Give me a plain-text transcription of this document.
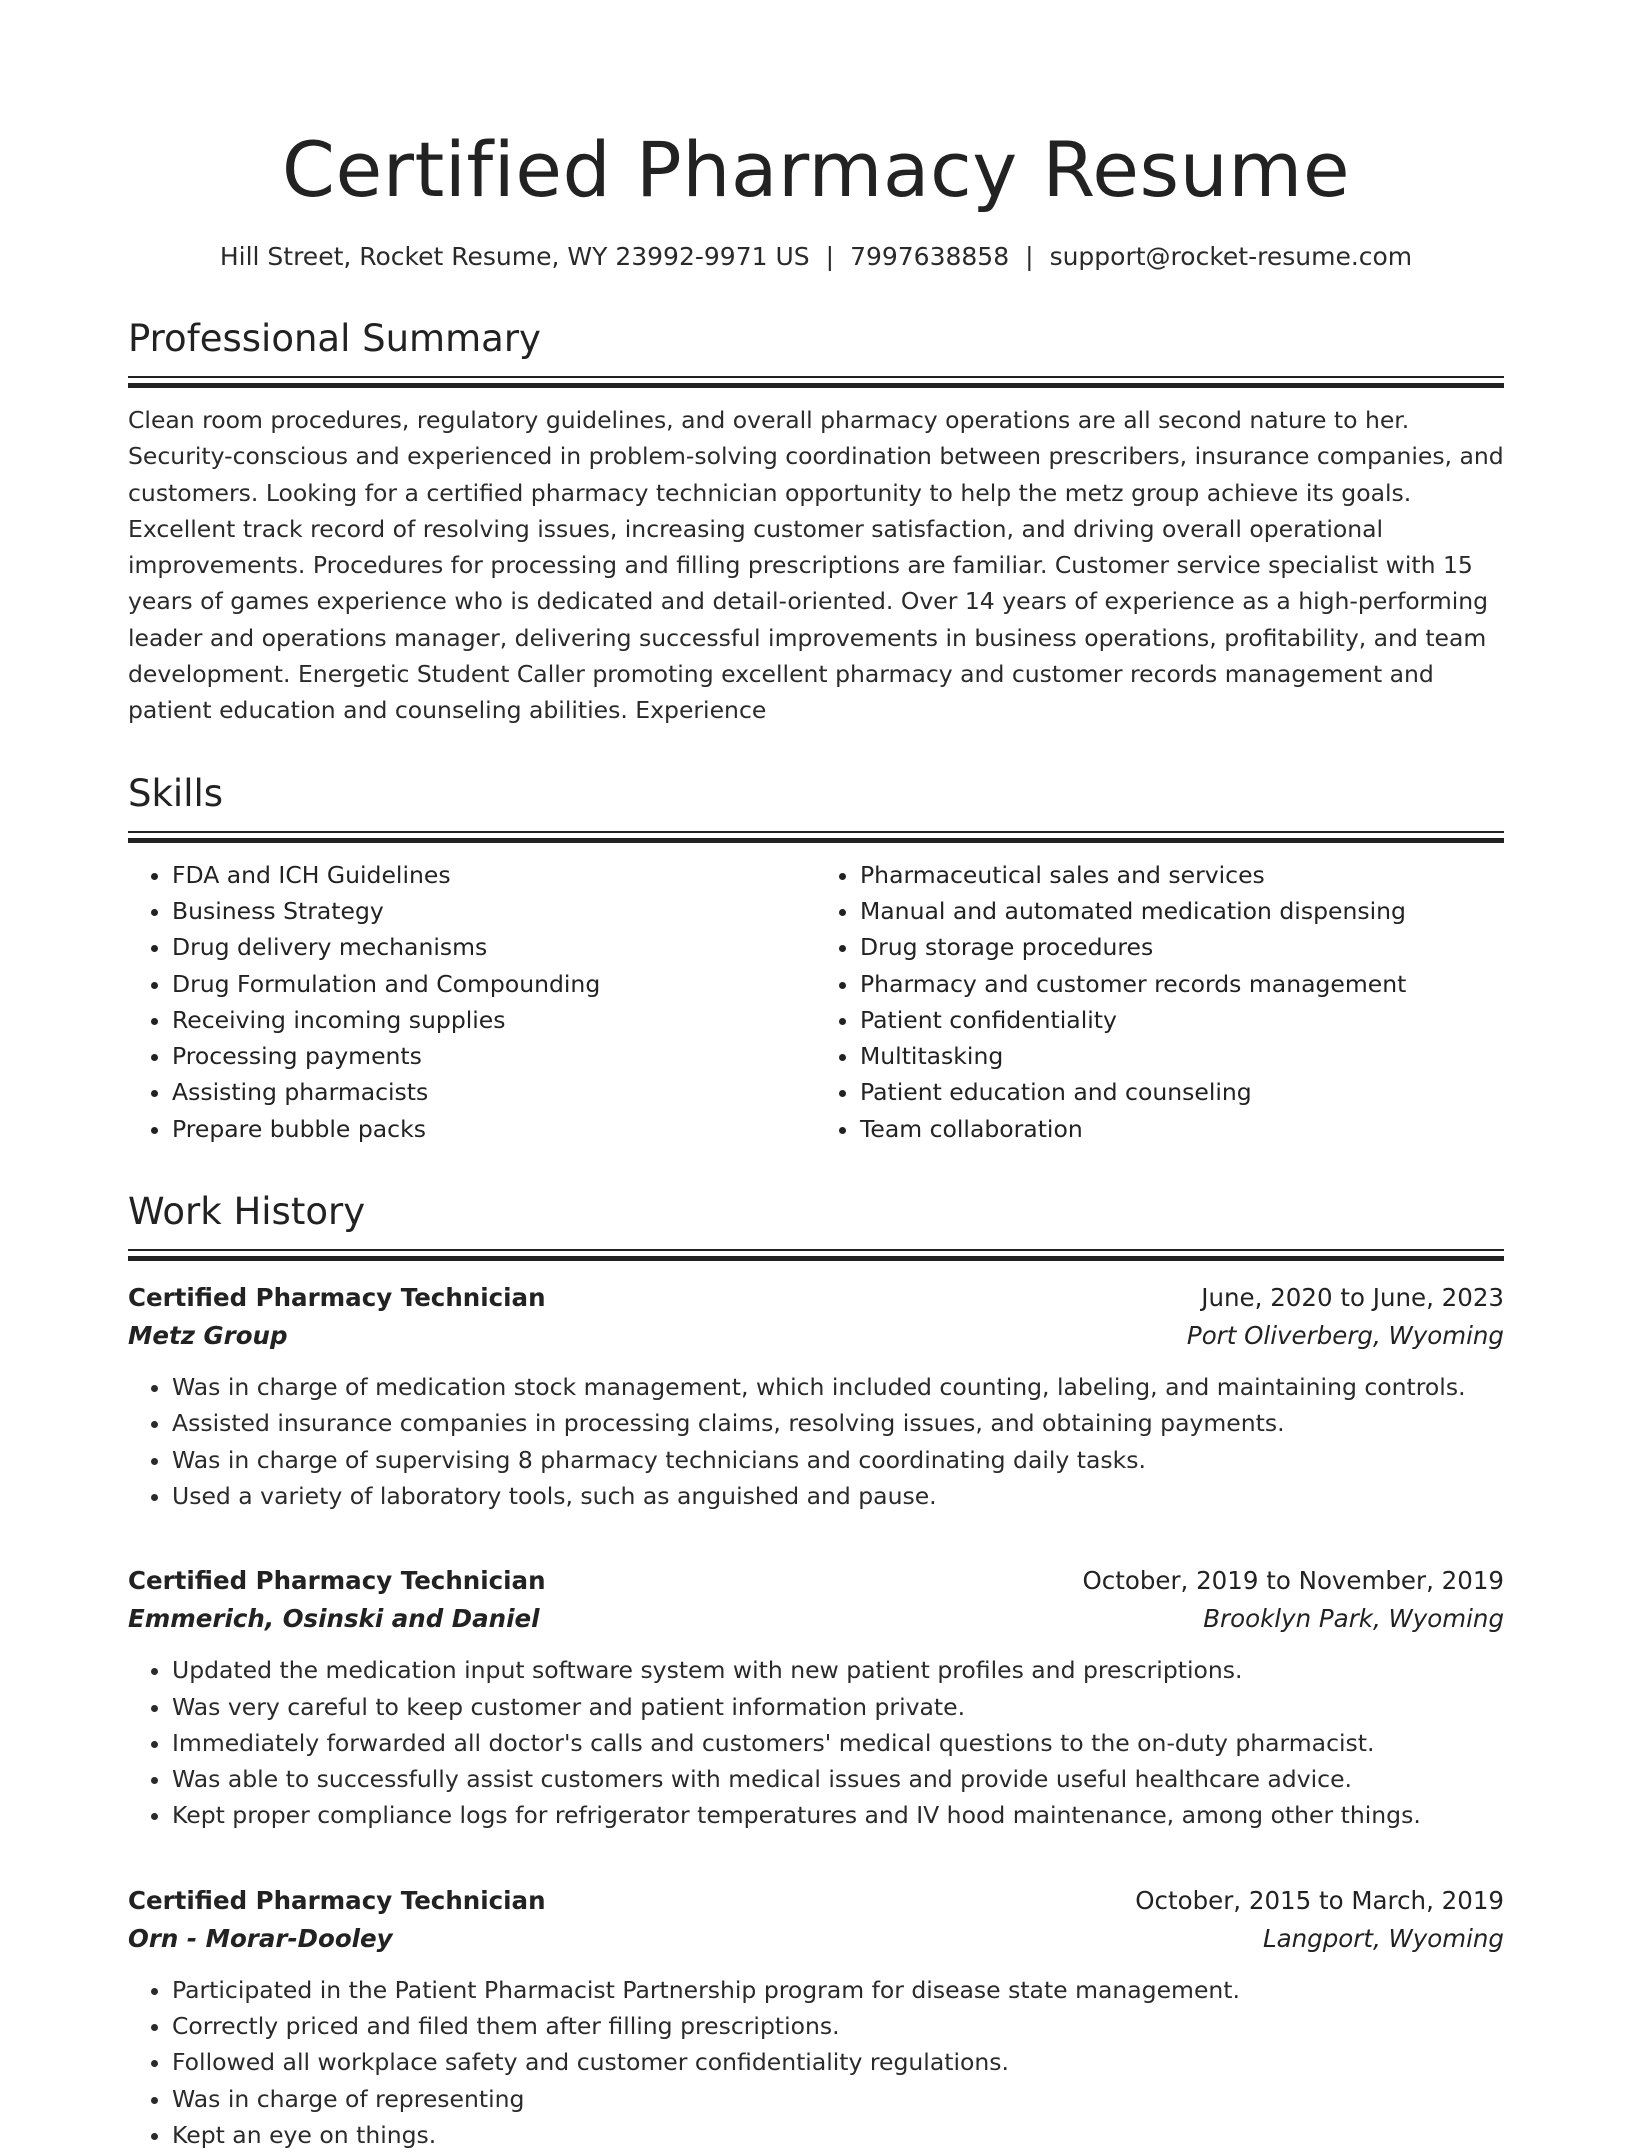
Certified Pharmacy Resume
Hill Street, Rocket Resume, WY 23992-9971 US | 7997638858 | support@rocket-resume.com
Professional Summary

Clean room procedures, regulatory guidelines, and overall pharmacy operations are all second nature to her. Security-conscious and experienced in problem-solving coordination between prescribers, insurance companies, and customers. Looking for a certified pharmacy technician opportunity to help the metz group achieve its goals. Excellent track record of resolving issues, increasing customer satisfaction, and driving overall operational improvements. Procedures for processing and filling prescriptions are familiar. Customer service specialist with 15 years of games experience who is dedicated and detail-oriented. Over 14 years of experience as a high-performing leader and operations manager, delivering successful improvements in business operations, profitability, and team development. Energetic Student Caller promoting excellent pharmacy and customer records management and patient education and counseling abilities. Experience

Skills
• FDA and ICH Guidelines
• Business Strategy
• Drug delivery mechanisms
• Drug Formulation and Compounding
• Receiving incoming supplies
• Processing payments
• Assisting pharmacists
• Prepare bubble packs
• Pharmaceutical sales and services
• Manual and automated medication dispensing
• Drug storage procedures
• Pharmacy and customer records management
• Patient confidentiality
• Multitasking
• Patient education and counseling
• Team collaboration
Work History
Certified Pharmacy Technician	June, 2020 to June, 2023
Metz Group	Port Oliverberg, Wyoming
• Was in charge of medication stock management, which included counting, labeling, and maintaining controls.
• Assisted insurance companies in processing claims, resolving issues, and obtaining payments.
• Was in charge of supervising 8 pharmacy technicians and coordinating daily tasks.
• Used a variety of laboratory tools, such as anguished and pause.
Certified Pharmacy Technician	October, 2019 to November, 2019
Emmerich, Osinski and Daniel	Brooklyn Park, Wyoming
• Updated the medication input software system with new patient profiles and prescriptions.
• Was very careful to keep customer and patient information private.
• Immediately forwarded all doctor's calls and customers' medical questions to the on-duty pharmacist.
• Was able to successfully assist customers with medical issues and provide useful healthcare advice.
• Kept proper compliance logs for refrigerator temperatures and IV hood maintenance, among other things.
Certified Pharmacy Technician	October, 2015 to March, 2019
Orn - Morar-Dooley	Langport, Wyoming
• Participated in the Patient Pharmacist Partnership program for disease state management.
• Correctly priced and filed them after filling prescriptions.
• Followed all workplace safety and customer confidentiality regulations.
• Was in charge of representing
• Kept an eye on things.
